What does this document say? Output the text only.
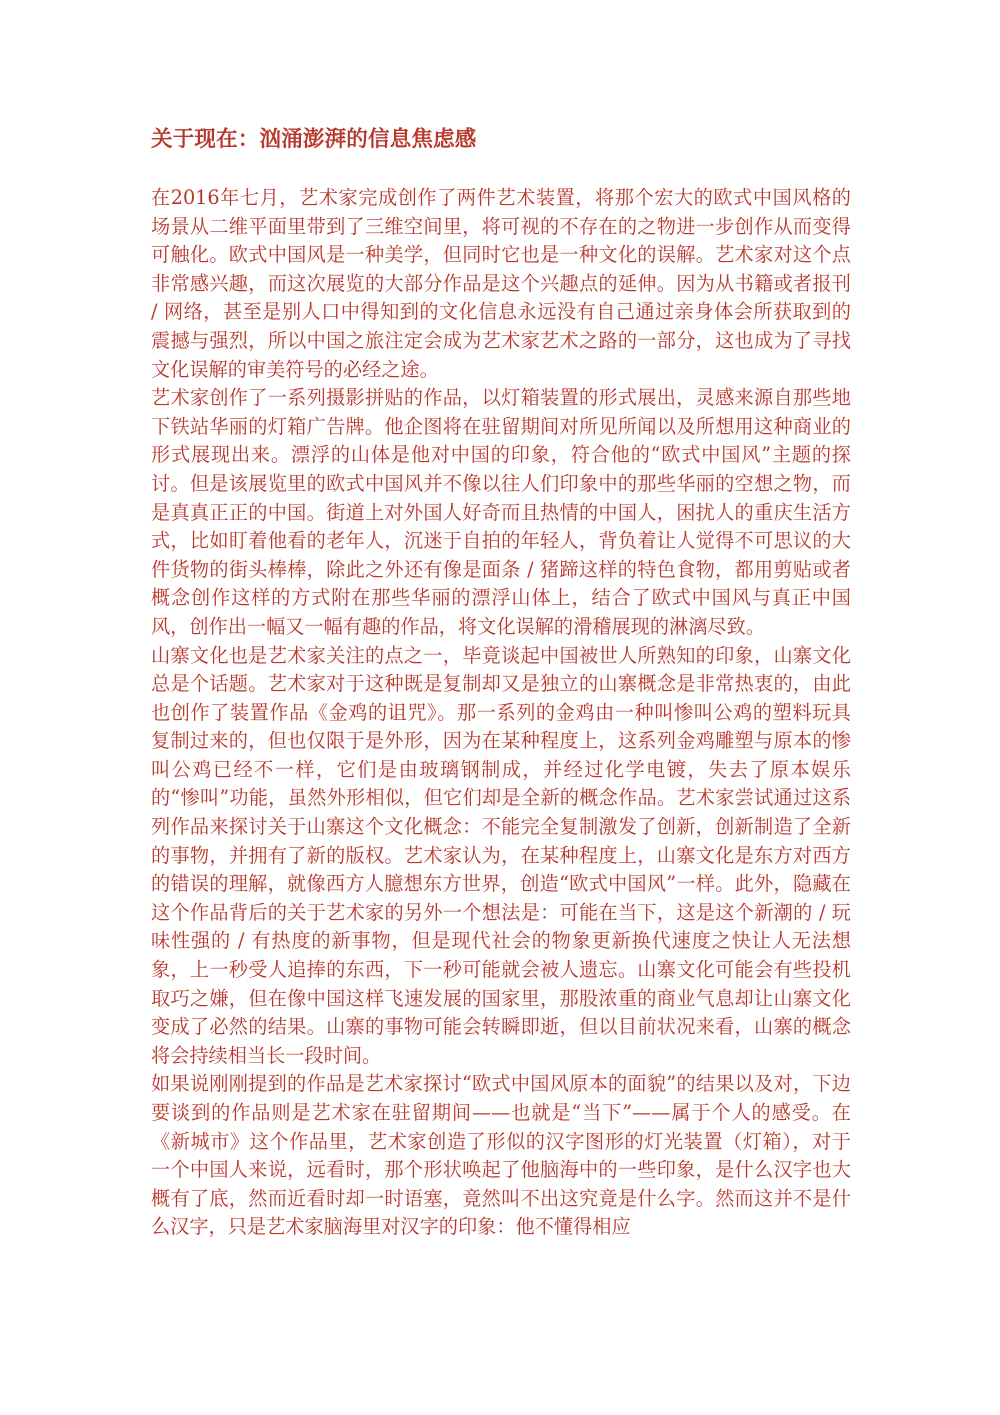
关于现在：汹涌澎湃的信息焦虑感

在2016年七月，艺术家完成创作了两件艺术装置，将那个宏大的欧式中国风格的场景从二维平面里带到了三维空间里，将可视的不存在的之物进一步创作从而变得可触化。欧式中国风是一种美学，但同时它也是一种文化的误解。艺术家对这个点非常感兴趣，而这次展览的大部分作品是这个兴趣点的延伸。因为从书籍或者报刊 / 网络，甚至是别人口中得知到的文化信息永远没有自己通过亲身体会所获取到的震撼与强烈，所以中国之旅注定会成为艺术家艺术之路的一部分，这也成为了寻找文化误解的审美符号的必经之途。

艺术家创作了一系列摄影拼贴的作品，以灯箱装置的形式展出，灵感来源自那些地下铁站华丽的灯箱广告牌。他企图将在驻留期间对所见所闻以及所想用这种商业的形式展现出来。漂浮的山体是他对中国的印象，符合他的“欧式中国风”主题的探讨。但是该展览里的欧式中国风并不像以往人们印象中的那些华丽的空想之物，而是真真正正的中国。街道上对外国人好奇而且热情的中国人，困扰人的重庆生活方式，比如盯着他看的老年人，沉迷于自拍的年轻人，背负着让人觉得不可思议的大件货物的街头棒棒，除此之外还有像是面条 / 猪蹄这样的特色食物，都用剪贴或者概念创作这样的方式附在那些华丽的漂浮山体上，结合了欧式中国风与真正中国风，创作出一幅又一幅有趣的作品，将文化误解的滑稽展现的淋漓尽致。

山寨文化也是艺术家关注的点之一，毕竟谈起中国被世人所熟知的印象，山寨文化总是个话题。艺术家对于这种既是复制却又是独立的山寨概念是非常热衷的，由此也创作了装置作品《金鸡的诅咒》。那一系列的金鸡由一种叫惨叫公鸡的塑料玩具复制过来的，但也仅限于是外形，因为在某种程度上，这系列金鸡雕塑与原本的惨叫公鸡已经不一样，它们是由玻璃钢制成，并经过化学电镀，失去了原本娱乐的“惨叫”功能，虽然外形相似，但它们却是全新的概念作品。艺术家尝试通过这系列作品来探讨关于山寨这个文化概念：不能完全复制激发了创新，创新制造了全新的事物，并拥有了新的版权。艺术家认为，在某种程度上，山寨文化是东方对西方的错误的理解，就像西方人臆想东方世界，创造“欧式中国风”一样。此外，隐藏在这个作品背后的关于艺术家的另外一个想法是：可能在当下，这是这个新潮的 / 玩味性强的 / 有热度的新事物，但是现代社会的物象更新换代速度之快让人无法想象，上一秒受人追捧的东西，下一秒可能就会被人遗忘。山寨文化可能会有些投机取巧之嫌，但在像中国这样飞速发展的国家里，那股浓重的商业气息却让山寨文化变成了必然的结果。山寨的事物可能会转瞬即逝，但以目前状况来看，山寨的概念将会持续相当长一段时间。

如果说刚刚提到的作品是艺术家探讨“欧式中国风原本的面貌”的结果以及对，下边要谈到的作品则是艺术家在驻留期间——也就是“当下”——属于个人的感受。在《新城市》这个作品里，艺术家创造了形似的汉字图形的灯光装置（灯箱），对于一个中国人来说，远看时，那个形状唤起了他脑海中的一些印象，是什么汉字也大概有了底，然而近看时却一时语塞，竟然叫不出这究竟是什么字。然而这并不是什么汉字，只是艺术家脑海里对汉字的印象：他不懂得相应
